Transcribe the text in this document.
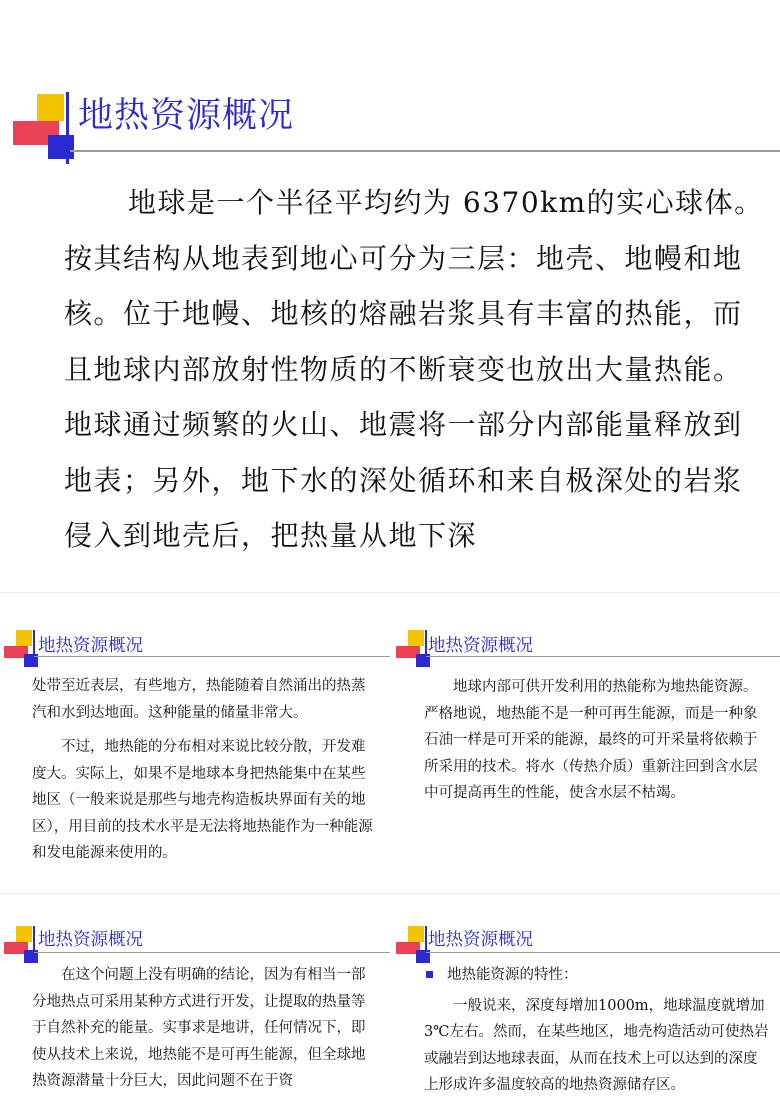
地热资源概况

地球是一个半径平均约为 6370km的实心球体。按其结构从地表到地心可分为三层：地壳、地幔和地核。位于地幔、地核的熔融岩浆具有丰富的热能，而且地球内部放射性物质的不断衰变也放出大量热能。地球通过频繁的火山、地震将一部分内部能量释放到地表；另外，地下水的深处循环和来自极深处的岩浆侵入到地壳后，把热量从地下深

地热资源概况

处带至近表层，有些地方，热能随着自然涌出的热蒸汽和水到达地面。这种能量的储量非常大。

不过，地热能的分布相对来说比较分散，开发难度大。实际上，如果不是地球本身把热能集中在某些地区（一般来说是那些与地壳构造板块界面有关的地区），用目前的技术水平是无法将地热能作为一种能源和发电能源来使用的。

地热资源概况

地球内部可供开发利用的热能称为地热能资源。严格地说，地热能不是一种可再生能源，而是一种象石油一样是可开采的能源，最终的可开采量将依赖于所采用的技术。将水（传热介质）重新注回到含水层中可提高再生的性能，使含水层不枯竭。

地热资源概况

在这个问题上没有明确的结论，因为有相当一部分地热点可采用某种方式进行开发，让提取的热量等于自然补充的能量。实事求是地讲，任何情况下，即使从技术上来说，地热能不是可再生能源，但全球地热资源潜量十分巨大，因此问题不在于资

地热资源概况

地热能资源的特性：

一般说来，深度每增加1000m，地球温度就增加 3℃左右。然而，在某些地区，地壳构造活动可使热岩或融岩到达地球表面，从而在技术上可以达到的深度上形成许多温度较高的地热资源储存区。
